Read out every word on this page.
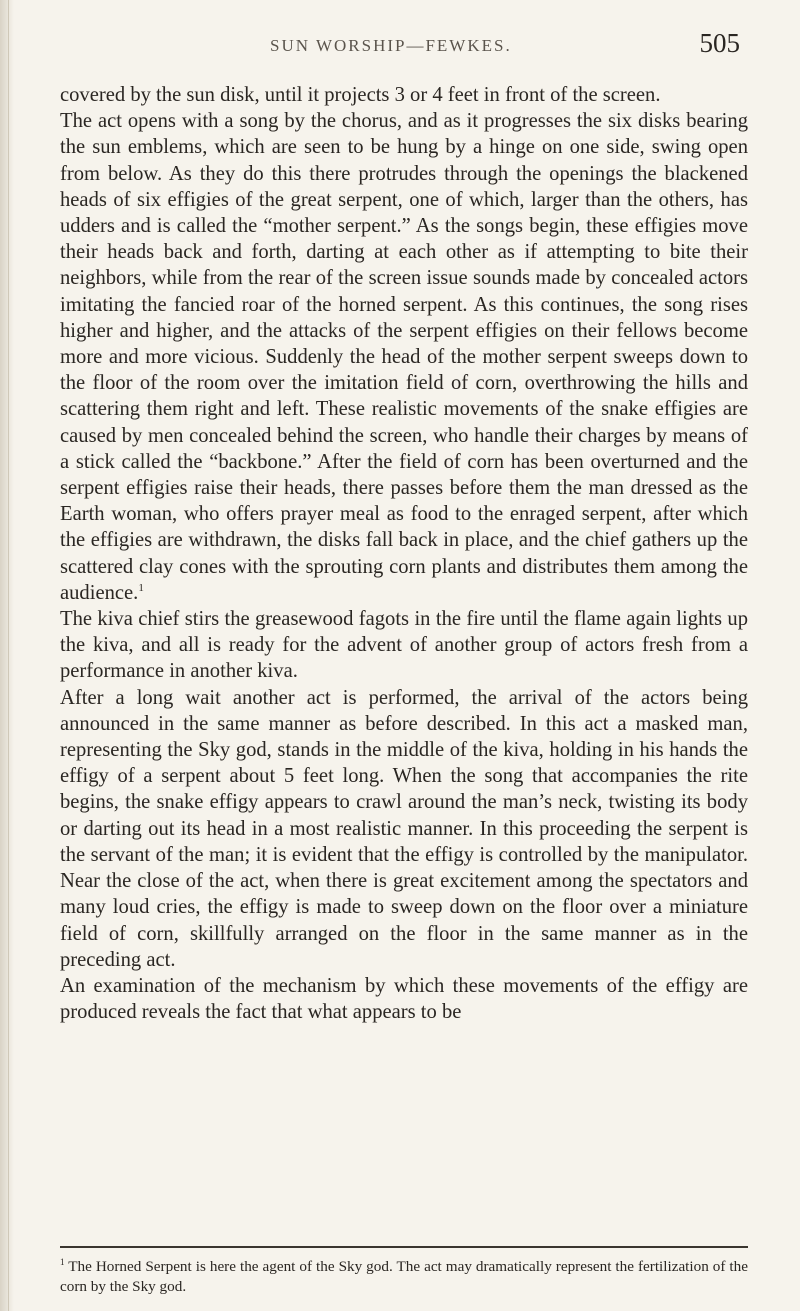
SUN WORSHIP—FEWKES.	505

covered by the sun disk, until it projects 3 or 4 feet in front of the screen.

The act opens with a song by the chorus, and as it progresses the six disks bearing the sun emblems, which are seen to be hung by a hinge on one side, swing open from below. As they do this there protrudes through the openings the blackened heads of six effigies of the great serpent, one of which, larger than the others, has udders and is called the “mother serpent.” As the songs begin, these effigies move their heads back and forth, darting at each other as if attempting to bite their neighbors, while from the rear of the screen issue sounds made by concealed actors imitating the fancied roar of the horned serpent. As this continues, the song rises higher and higher, and the attacks of the serpent effigies on their fellows become more and more vicious. Suddenly the head of the mother serpent sweeps down to the floor of the room over the imitation field of corn, overthrowing the hills and scattering them right and left. These realistic movements of the snake effigies are caused by men concealed behind the screen, who handle their charges by means of a stick called the “backbone.” After the field of corn has been overturned and the serpent effigies raise their heads, there passes before them the man dressed as the Earth woman, who offers prayer meal as food to the enraged serpent, after which the effigies are withdrawn, the disks fall back in place, and the chief gathers up the scattered clay cones with the sprouting corn plants and distributes them among the audience.$^1$

The kiva chief stirs the greasewood fagots in the fire until the flame again lights up the kiva, and all is ready for the advent of another group of actors fresh from a performance in another kiva.

After a long wait another act is performed, the arrival of the actors being announced in the same manner as before described. In this act a masked man, representing the Sky god, stands in the middle of the kiva, holding in his hands the effigy of a serpent about 5 feet long. When the song that accompanies the rite begins, the snake effigy appears to crawl around the man’s neck, twisting its body or darting out its head in a most realistic manner. In this proceeding the serpent is the servant of the man; it is evident that the effigy is controlled by the manipulator. Near the close of the act, when there is great excitement among the spectators and many loud cries, the effigy is made to sweep down on the floor over a miniature field of corn, skillfully arranged on the floor in the same manner as in the preceding act.

An examination of the mechanism by which these movements of the effigy are produced reveals the fact that what appears to be

$^1$ The Horned Serpent is here the agent of the Sky god. The act may dramatically represent the fertilization of the corn by the Sky god.
